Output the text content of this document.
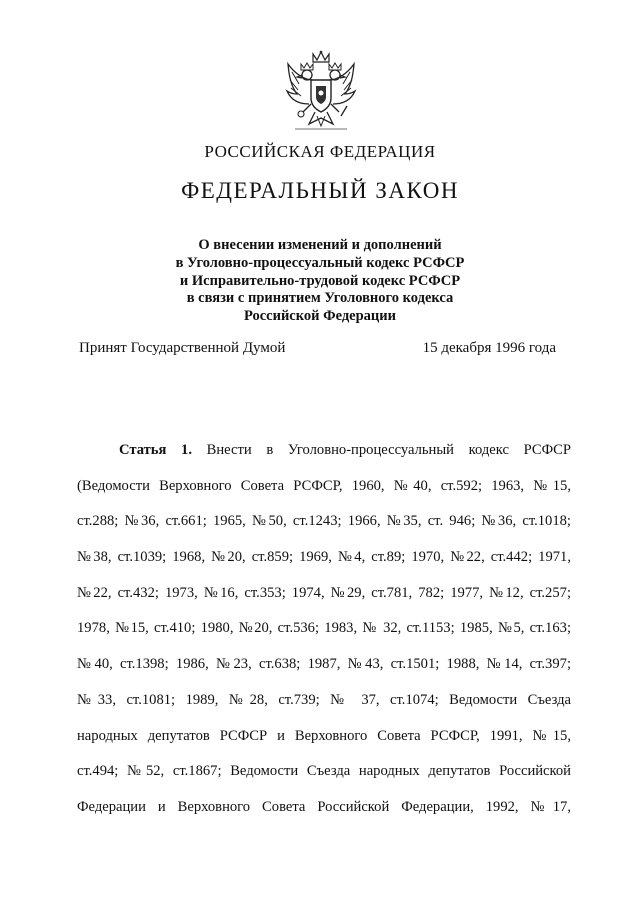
РОССИЙСКАЯ ФЕДЕРАЦИЯ
ФЕДЕРАЛЬНЫЙ ЗАКОН
О внесении изменений и дополнений
в Уголовно-процессуальный кодекс РСФСР
и Исправительно-трудовой кодекс РСФСР
в связи с принятием Уголовного кодекса
Российской Федерации
Принят Государственной Думой	15 декабря 1996 года
Статья 1. Внести в Уголовно-процессуальный кодекс РСФСР
(Ведомости Верховного Совета РСФСР, 1960, №40, ст.592; 1963, №15,
ст.288; №36, ст.661; 1965, №50, ст.1243; 1966, №35, ст. 946; №36, ст.1018;
№38, ст.1039; 1968, №20, ст.859; 1969, №4, ст.89; 1970, №22, ст.442; 1971,
№22, ст.432; 1973, №16, ст.353; 1974, №29, ст.781, 782; 1977, №12, ст.257;
1978, №15, ст.410; 1980, №20, ст.536; 1983, № 32, ст.1153; 1985, №5, ст.163;
№40, ст.1398; 1986, №23, ст.638; 1987, №43, ст.1501; 1988, №14, ст.397;
№33, ст.1081; 1989, №28, ст.739; № 37, ст.1074; Ведомости Съезда
народных депутатов РСФСР и Верховного Совета РСФСР, 1991, №15,
ст.494; №52, ст.1867; Ведомости Съезда народных депутатов Российской
Федерации и Верховного Совета Российской Федерации, 1992, №17,
